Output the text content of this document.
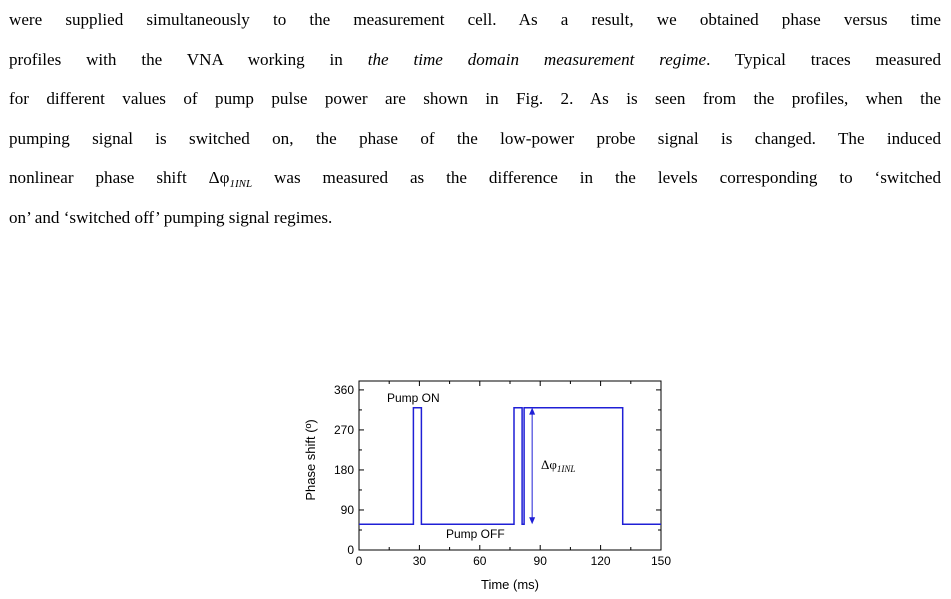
were supplied simultaneously to the measurement cell. As a result, we obtained phase versus time
profiles with the VNA working in the time domain measurement regime. Typical traces measured
for different values of pump pulse power are shown in Fig. 2. As is seen from the profiles, when the
pumping signal is switched on, the phase of the low-power probe signal is changed. The induced
nonlinear phase shift $\Delta\varphi_{1INL}$ was measured as the difference in the levels corresponding to ‘switched
on’ and ‘switched off’ pumping signal regimes.
0	30	60	90	120	150
0
90
180
270
360
Pump ON
Pump OFF
$\Delta\varphi_{1INL}$
Time (ms)
Phase shift (º)
